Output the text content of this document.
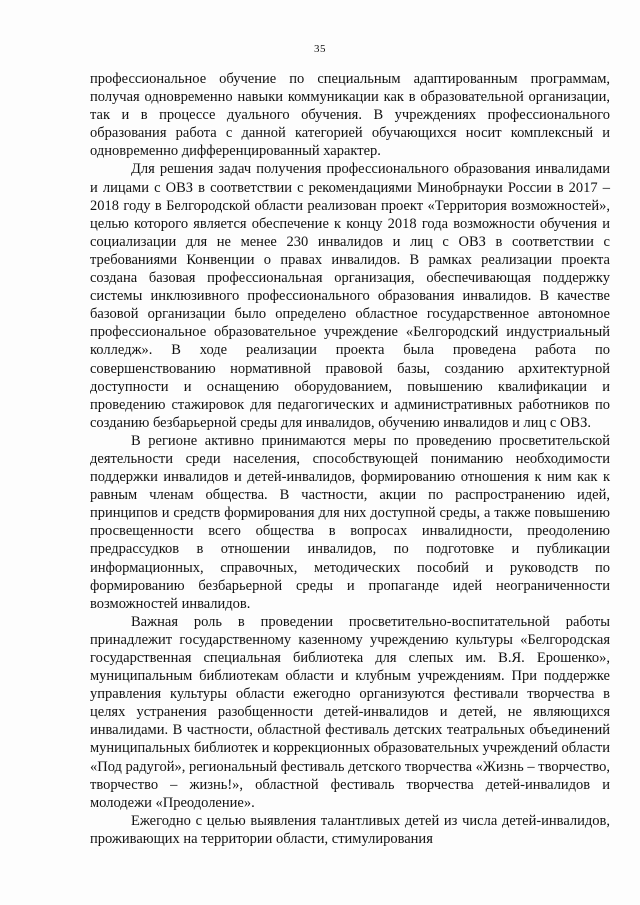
35

профессиональное обучение по специальным адаптированным программам, получая одновременно навыки коммуникации как в образовательной организации, так и в процессе дуального обучения. В учреждениях профессионального образования работа с данной категорией обучающихся носит комплексный и одновременно дифференцированный характер.

Для решения задач получения профессионального образования инвалидами и лицами с ОВЗ в соответствии с рекомендациями Минобрнауки России в 2017 – 2018 году в Белгородской области реализован проект «Территория возможностей», целью которого является обеспечение к концу 2018 года возможности обучения и социализации для не менее 230 инвалидов и лиц с ОВЗ в соответствии с требованиями Конвенции о правах инвалидов. В рамках реализации проекта создана базовая профессиональная организация, обеспечивающая поддержку системы инклюзивного профессионального образования инвалидов. В качестве базовой организации было определено областное государственное автономное профессиональное образовательное учреждение «Белгородский индустриальный колледж». В ходе реализации проекта была проведена работа по совершенствованию нормативной правовой базы, созданию архитектурной доступности и оснащению оборудованием, повышению квалификации и проведению стажировок для педагогических и административных работников по созданию безбарьерной среды для инвалидов, обучению инвалидов и лиц с ОВЗ.

В регионе активно принимаются меры по проведению просветительской деятельности среди населения, способствующей пониманию необходимости поддержки инвалидов и детей-инвалидов, формированию отношения к ним как к равным членам общества. В частности, акции по распространению идей, принципов и средств формирования для них доступной среды, а также повышению просвещенности всего общества в вопросах инвалидности, преодолению предрассудков в отношении инвалидов, по подготовке и публикации информационных, справочных, методических пособий и руководств по формированию безбарьерной среды и пропаганде идей неограниченности возможностей инвалидов.

Важная роль в проведении просветительно-воспитательной работы принадлежит государственному казенному учреждению культуры «Белгородская государственная специальная библиотека для слепых им. В.Я. Ерошенко», муниципальным библиотекам области и клубным учреждениям. При поддержке управления культуры области ежегодно организуются фестивали творчества в целях устранения разобщенности детей-инвалидов и детей, не являющихся инвалидами. В частности, областной фестиваль детских театральных объединений муниципальных библиотек и коррекционных образовательных учреждений области «Под радугой», региональный фестиваль детского творчества «Жизнь – творчество, творчество – жизнь!», областной фестиваль творчества детей-инвалидов и молодежи «Преодоление».

Ежегодно с целью выявления талантливых детей из числа детей-инвалидов, проживающих на территории области, стимулирования
